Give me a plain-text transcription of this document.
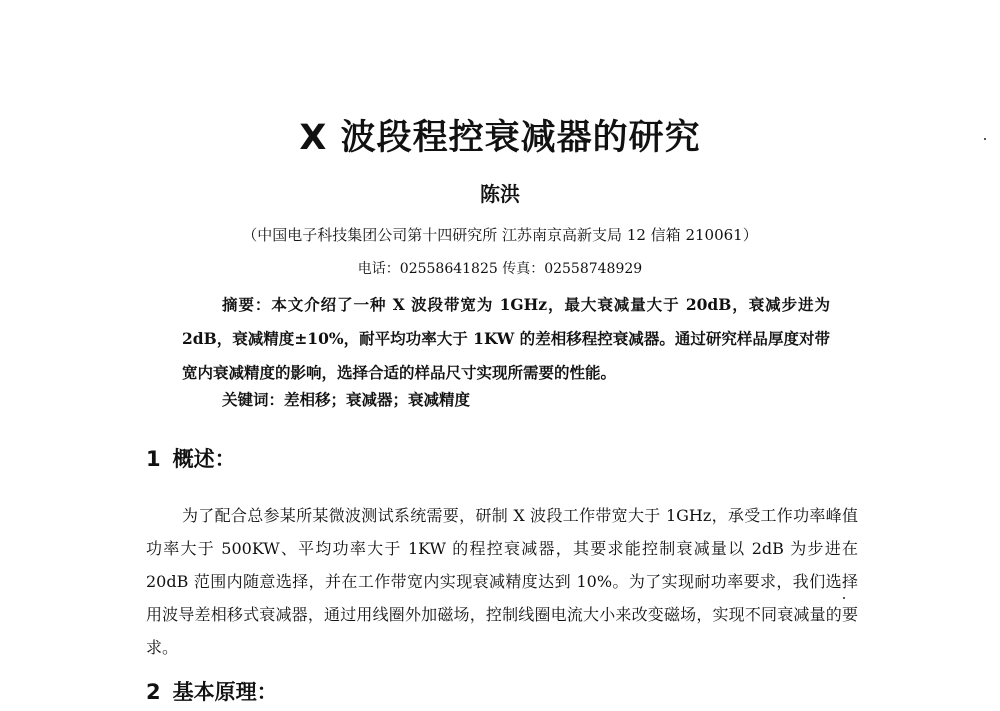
X 波段程控衰减器的研究

陈洪

（中国电子科技集团公司第十四研究所 江苏南京高新支局 12 信箱 210061）

电话：02558641825 传真：02558748929

摘要：本文介绍了一种 X 波段带宽为 1GHz，最大衰减量大于 20dB，衰减步进为 2dB，衰减精度±10%，耐平均功率大于 1KW 的差相移程控衰减器。通过研究样品厚度对带宽内衰减精度的影响，选择合适的样品尺寸实现所需要的性能。

关键词：差相移；衰减器；衰减精度

1 概述：

为了配合总参某所某微波测试系统需要，研制 X 波段工作带宽大于 1GHz，承受工作功率峰值功率大于 500KW、平均功率大于 1KW 的程控衰减器，其要求能控制衰减量以 2dB 为步进在 20dB 范围内随意选择，并在工作带宽内实现衰减精度达到 10%。为了实现耐功率要求，我们选择用波导差相移式衰减器，通过用线圈外加磁场，控制线圈电流大小来改变磁场，实现不同衰减量的要求。

2 基本原理：
